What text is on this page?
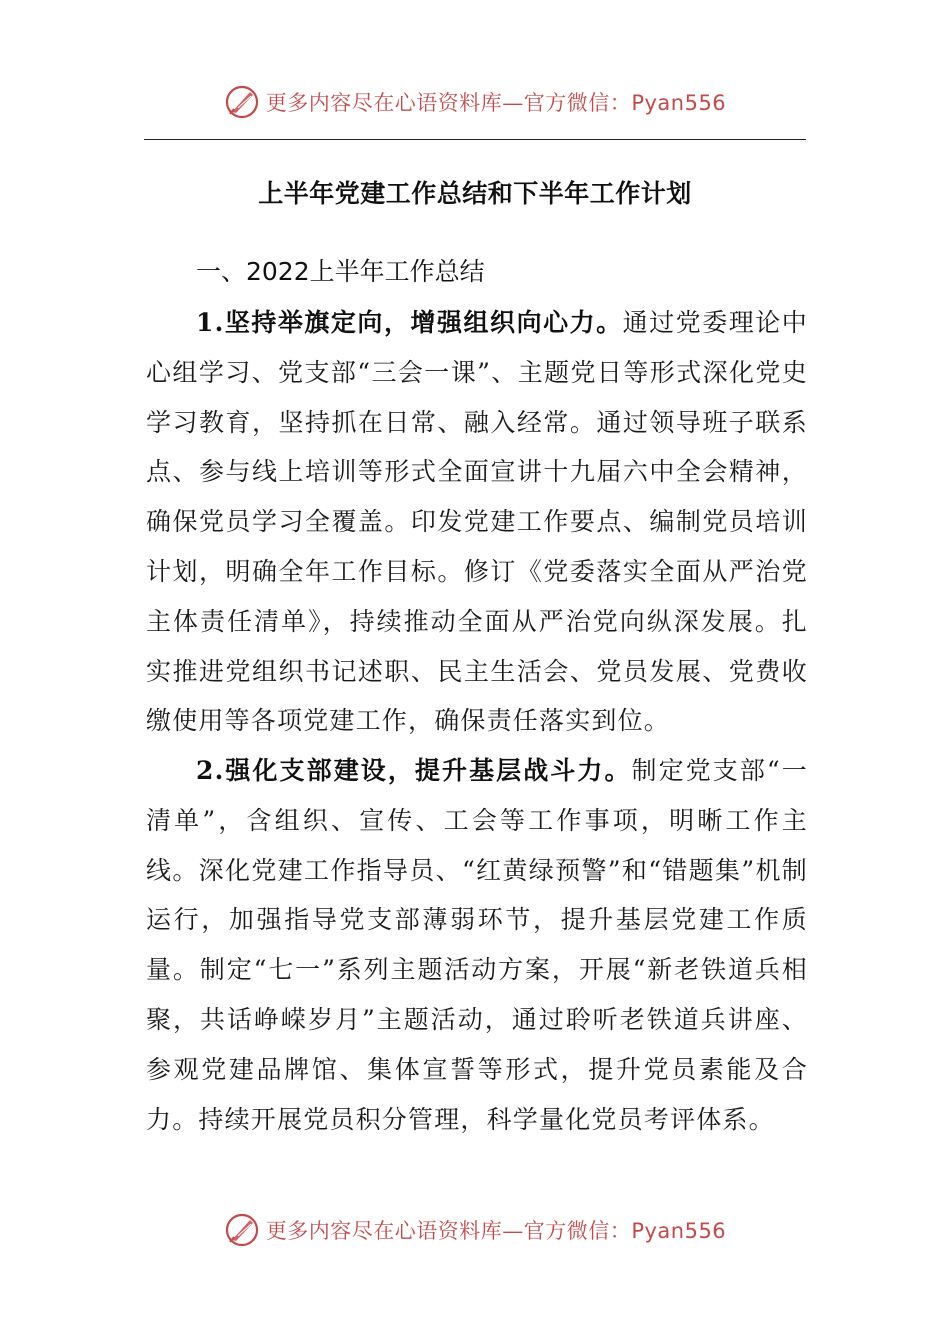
更多内容尽在心语资料库—官方微信：Pyan556
上半年党建工作总结和下半年工作计划
一、2022上半年工作总结

1.坚持举旗定向，增强组织向心力。通过党委理论中心组学习、党支部“三会一课”、主题党日等形式深化党史学习教育，坚持抓在日常、融入经常。通过领导班子联系点、参与线上培训等形式全面宣讲十九届六中全会精神，确保党员学习全覆盖。印发党建工作要点、编制党员培训计划，明确全年工作目标。修订《党委落实全面从严治党主体责任清单》，持续推动全面从严治党向纵深发展。扎实推进党组织书记述职、民主生活会、党员发展、党费收缴使用等各项党建工作，确保责任落实到位。

2.强化支部建设，提升基层战斗力。制定党支部“一清单”，含组织、宣传、工会等工作事项，明晰工作主线。深化党建工作指导员、“红黄绿预警”和“错题集”机制运行，加强指导党支部薄弱环节，提升基层党建工作质量。制定“七一”系列主题活动方案，开展“新老铁道兵相聚，共话峥嵘岁月”主题活动，通过聆听老铁道兵讲座、参观党建品牌馆、集体宣誓等形式，提升党员素能及合力。持续开展党员积分管理，科学量化党员考评体系。

更多内容尽在心语资料库—官方微信：Pyan556
